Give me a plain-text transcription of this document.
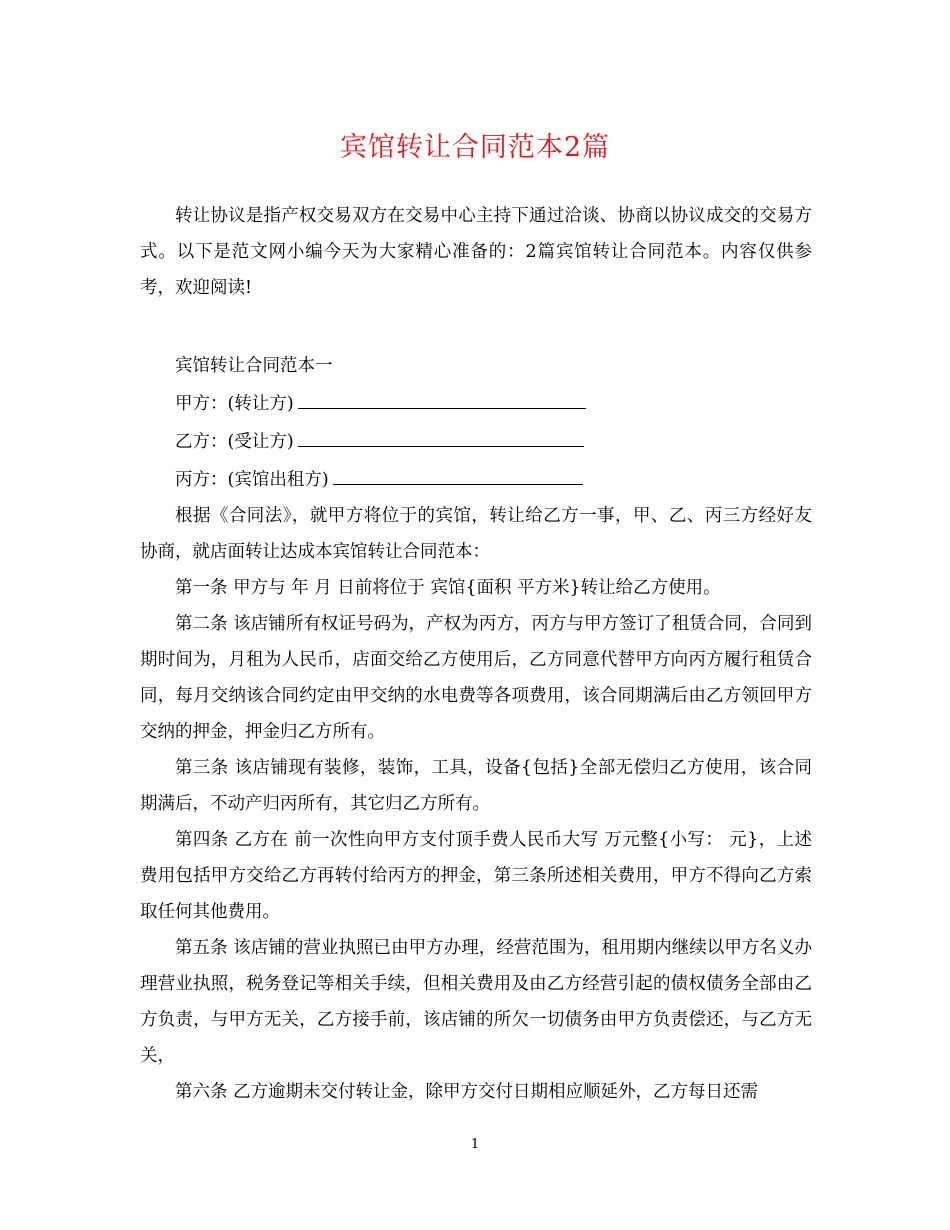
宾馆转让合同范本2篇

转让协议是指产权交易双方在交易中心主持下通过洽谈、协商以协议成交的交易方式。以下是范文网小编今天为大家精心准备的：2篇宾馆转让合同范本。内容仅供参考，欢迎阅读!

宾馆转让合同范本一

甲方：(转让方)

乙方：(受让方)

丙方：(宾馆出租方)

根据《合同法》，就甲方将位于的宾馆，转让给乙方一事，甲、乙、丙三方经好友协商，就店面转让达成本宾馆转让合同范本：

第一条 甲方与 年 月 日前将位于 宾馆{面积 平方米}转让给乙方使用。

第二条 该店铺所有权证号码为，产权为丙方，丙方与甲方签订了租赁合同，合同到期时间为，月租为人民币，店面交给乙方使用后，乙方同意代替甲方向丙方履行租赁合同，每月交纳该合同约定由甲交纳的水电费等各项费用，该合同期满后由乙方领回甲方交纳的押金，押金归乙方所有。

第三条 该店铺现有装修，装饰，工具，设备{包括}全部无偿归乙方使用，该合同期满后，不动产归丙所有，其它归乙方所有。

第四条 乙方在 前一次性向甲方支付顶手费人民币大写 万元整{小写： 元}，上述费用包括甲方交给乙方再转付给丙方的押金，第三条所述相关费用，甲方不得向乙方索取任何其他费用。

第五条 该店铺的营业执照已由甲方办理，经营范围为，租用期内继续以甲方名义办理营业执照，税务登记等相关手续，但相关费用及由乙方经营引起的债权债务全部由乙方负责，与甲方无关，乙方接手前，该店铺的所欠一切债务由甲方负责偿还，与乙方无关，

第六条 乙方逾期未交付转让金，除甲方交付日期相应顺延外，乙方每日还需

1
